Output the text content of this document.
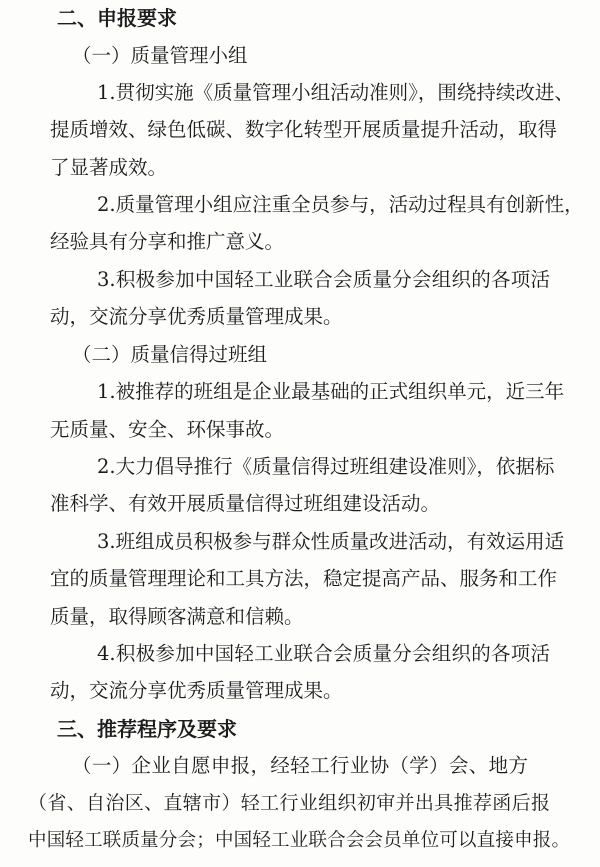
二、申报要求
（一）质量管理小组
1.贯彻实施《质量管理小组活动准则》，围绕持续改进、
提质增效、绿色低碳、数字化转型开展质量提升活动，取得
了显著成效。
2.质量管理小组应注重全员参与，活动过程具有创新性，
经验具有分享和推广意义。
3.积极参加中国轻工业联合会质量分会组织的各项活
动，交流分享优秀质量管理成果。
（二）质量信得过班组
1.被推荐的班组是企业最基础的正式组织单元，近三年
无质量、安全、环保事故。
2.大力倡导推行《质量信得过班组建设准则》，依据标
准科学、有效开展质量信得过班组建设活动。
3.班组成员积极参与群众性质量改进活动，有效运用适
宜的质量管理理论和工具方法，稳定提高产品、服务和工作
质量，取得顾客满意和信赖。
4.积极参加中国轻工业联合会质量分会组织的各项活
动，交流分享优秀质量管理成果。
三、推荐程序及要求
（一）企业自愿申报，经轻工行业协（学）会、地方
（省、自治区、直辖市）轻工行业组织初审并出具推荐函后报
中国轻工联质量分会；中国轻工业联合会会员单位可以直接申报。
